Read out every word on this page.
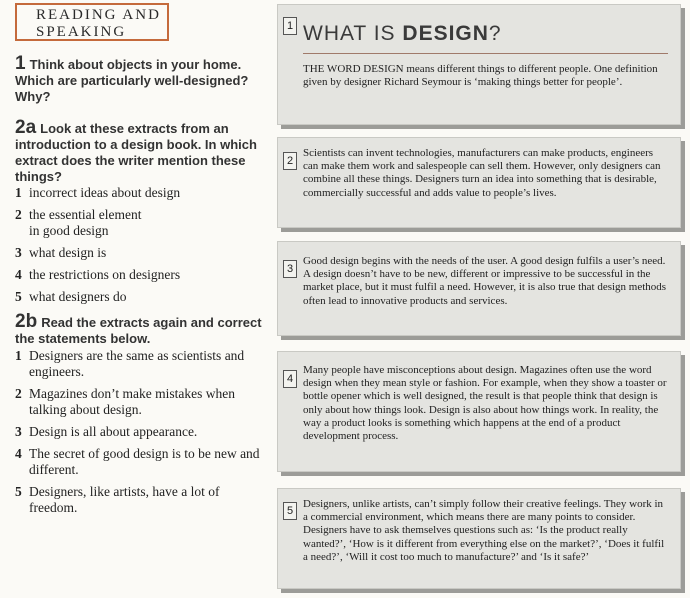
READING AND
SPEAKING
1 Think about objects in your home. Which are particularly well-designed? Why?
2a Look at these extracts from an introduction to a design book. In which extract does the writer mention these things?
1 incorrect ideas about design
2 the essential element in good design
3 what design is
4 the restrictions on designers
5 what designers do
2b Read the extracts again and correct the statements below.
1 Designers are the same as scientists and engineers.
2 Magazines don’t make mistakes when talking about design.
3 Design is all about appearance.
4 The secret of good design is to be new and different.
5 Designers, like artists, have a lot of freedom.
1 WHAT IS DESIGN?
THE WORD DESIGN means different things to different people. One definition given by designer Richard Seymour is ‘making things better for people’.
2
Scientists can invent technologies, manufacturers can make products, engineers can make them work and salespeople can sell them. However, only designers can combine all these things. Designers turn an idea into something that is desirable, commercially successful and adds value to people’s lives.
3
Good design begins with the needs of the user. A good design fulfils a user’s need. A design doesn’t have to be new, different or impressive to be successful in the market place, but it must fulfil a need. However, it is also true that design methods often lead to innovative products and services.
4
Many people have misconceptions about design. Magazines often use the word design when they mean style or fashion. For example, when they show a toaster or bottle opener which is well designed, the result is that people think that design is only about how things look. Design is also about how things work. In reality, the way a product looks is something which happens at the end of a product development process.
5
Designers, unlike artists, can’t simply follow their creative feelings. They work in a commercial environment, which means there are many points to consider. Designers have to ask themselves questions such as: ‘Is the product really wanted?’, ‘How is it different from everything else on the market?’, ‘Does it fulfil a need?’, ‘Will it cost too much to manufacture?’ and ‘Is it safe?’
